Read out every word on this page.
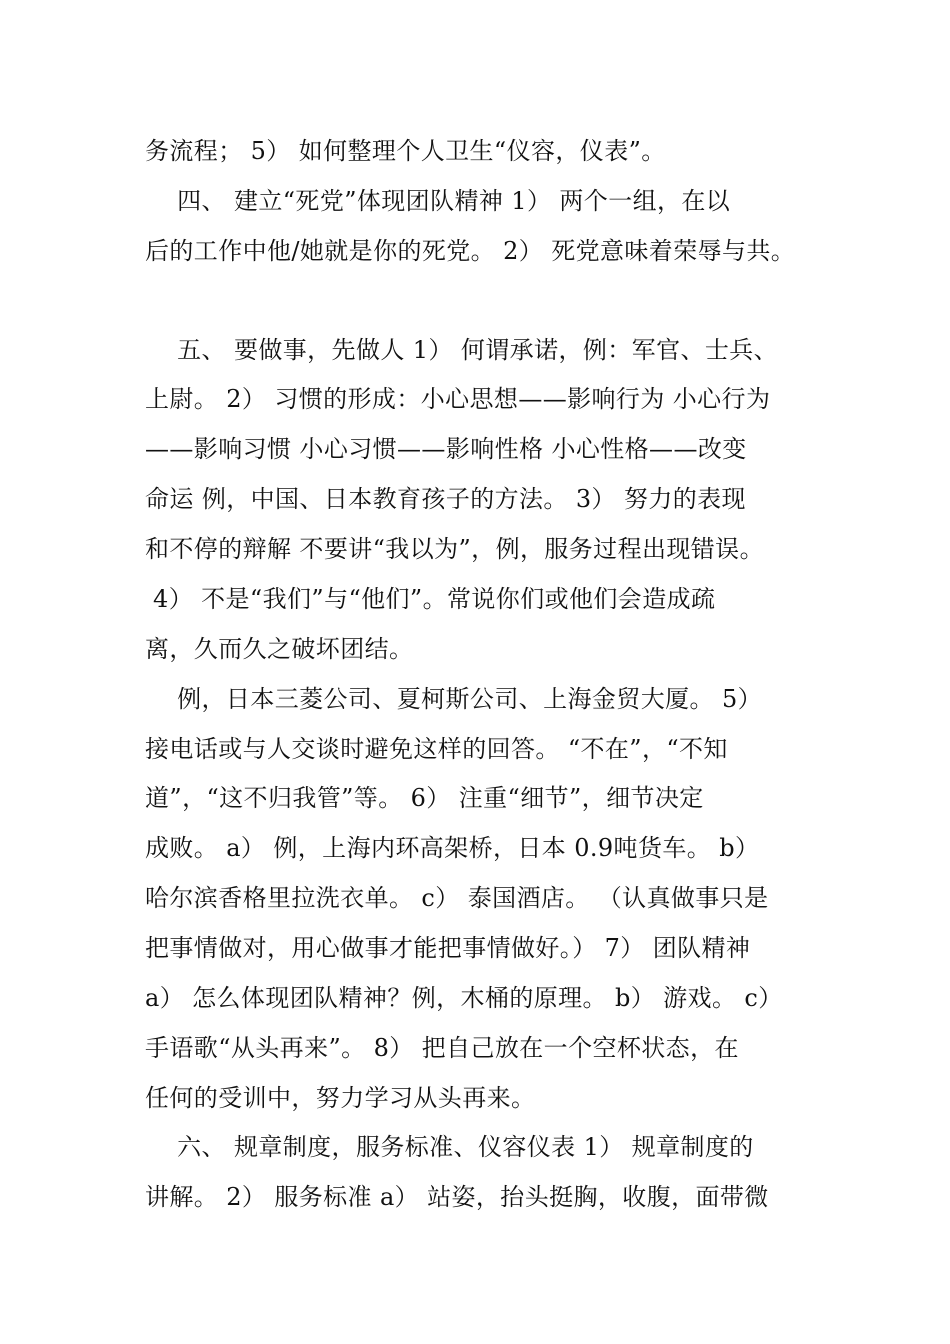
务流程； 5） 如何整理个人卫生“仪容，仪表”。
四、 建立“死党”体现团队精神 1） 两个一组，在以
后的工作中他/她就是你的死党。 2） 死党意味着荣辱与共。
五、 要做事，先做人 1） 何谓承诺，例：军官、士兵、
上尉。 2） 习惯的形成：小心思想——影响行为 小心行为
——影响习惯 小心习惯——影响性格 小心性格——改变
命运 例，中国、日本教育孩子的方法。 3） 努力的表现
和不停的辩解 不要讲“我以为”，例，服务过程出现错误。
4） 不是“我们”与“他们”。常说你们或他们会造成疏
离，久而久之破坏团结。
例，日本三菱公司、夏柯斯公司、上海金贸大厦。 5）
接电话或与人交谈时避免这样的回答。 “不在”，“不知
道”，“这不归我管”等。 6） 注重“细节”，细节决定
成败。 a） 例，上海内环高架桥，日本 0.9吨货车。 b）
哈尔滨香格里拉洗衣单。 c） 泰国酒店。 （认真做事只是
把事情做对，用心做事才能把事情做好。） 7） 团队精神
a） 怎么体现团队精神？例，木桶的原理。 b） 游戏。 c）
手语歌“从头再来”。 8） 把自己放在一个空杯状态，在
任何的受训中，努力学习从头再来。
六、 规章制度，服务标准、仪容仪表 1） 规章制度的
讲解。 2） 服务标准 a） 站姿，抬头挺胸，收腹，面带微
